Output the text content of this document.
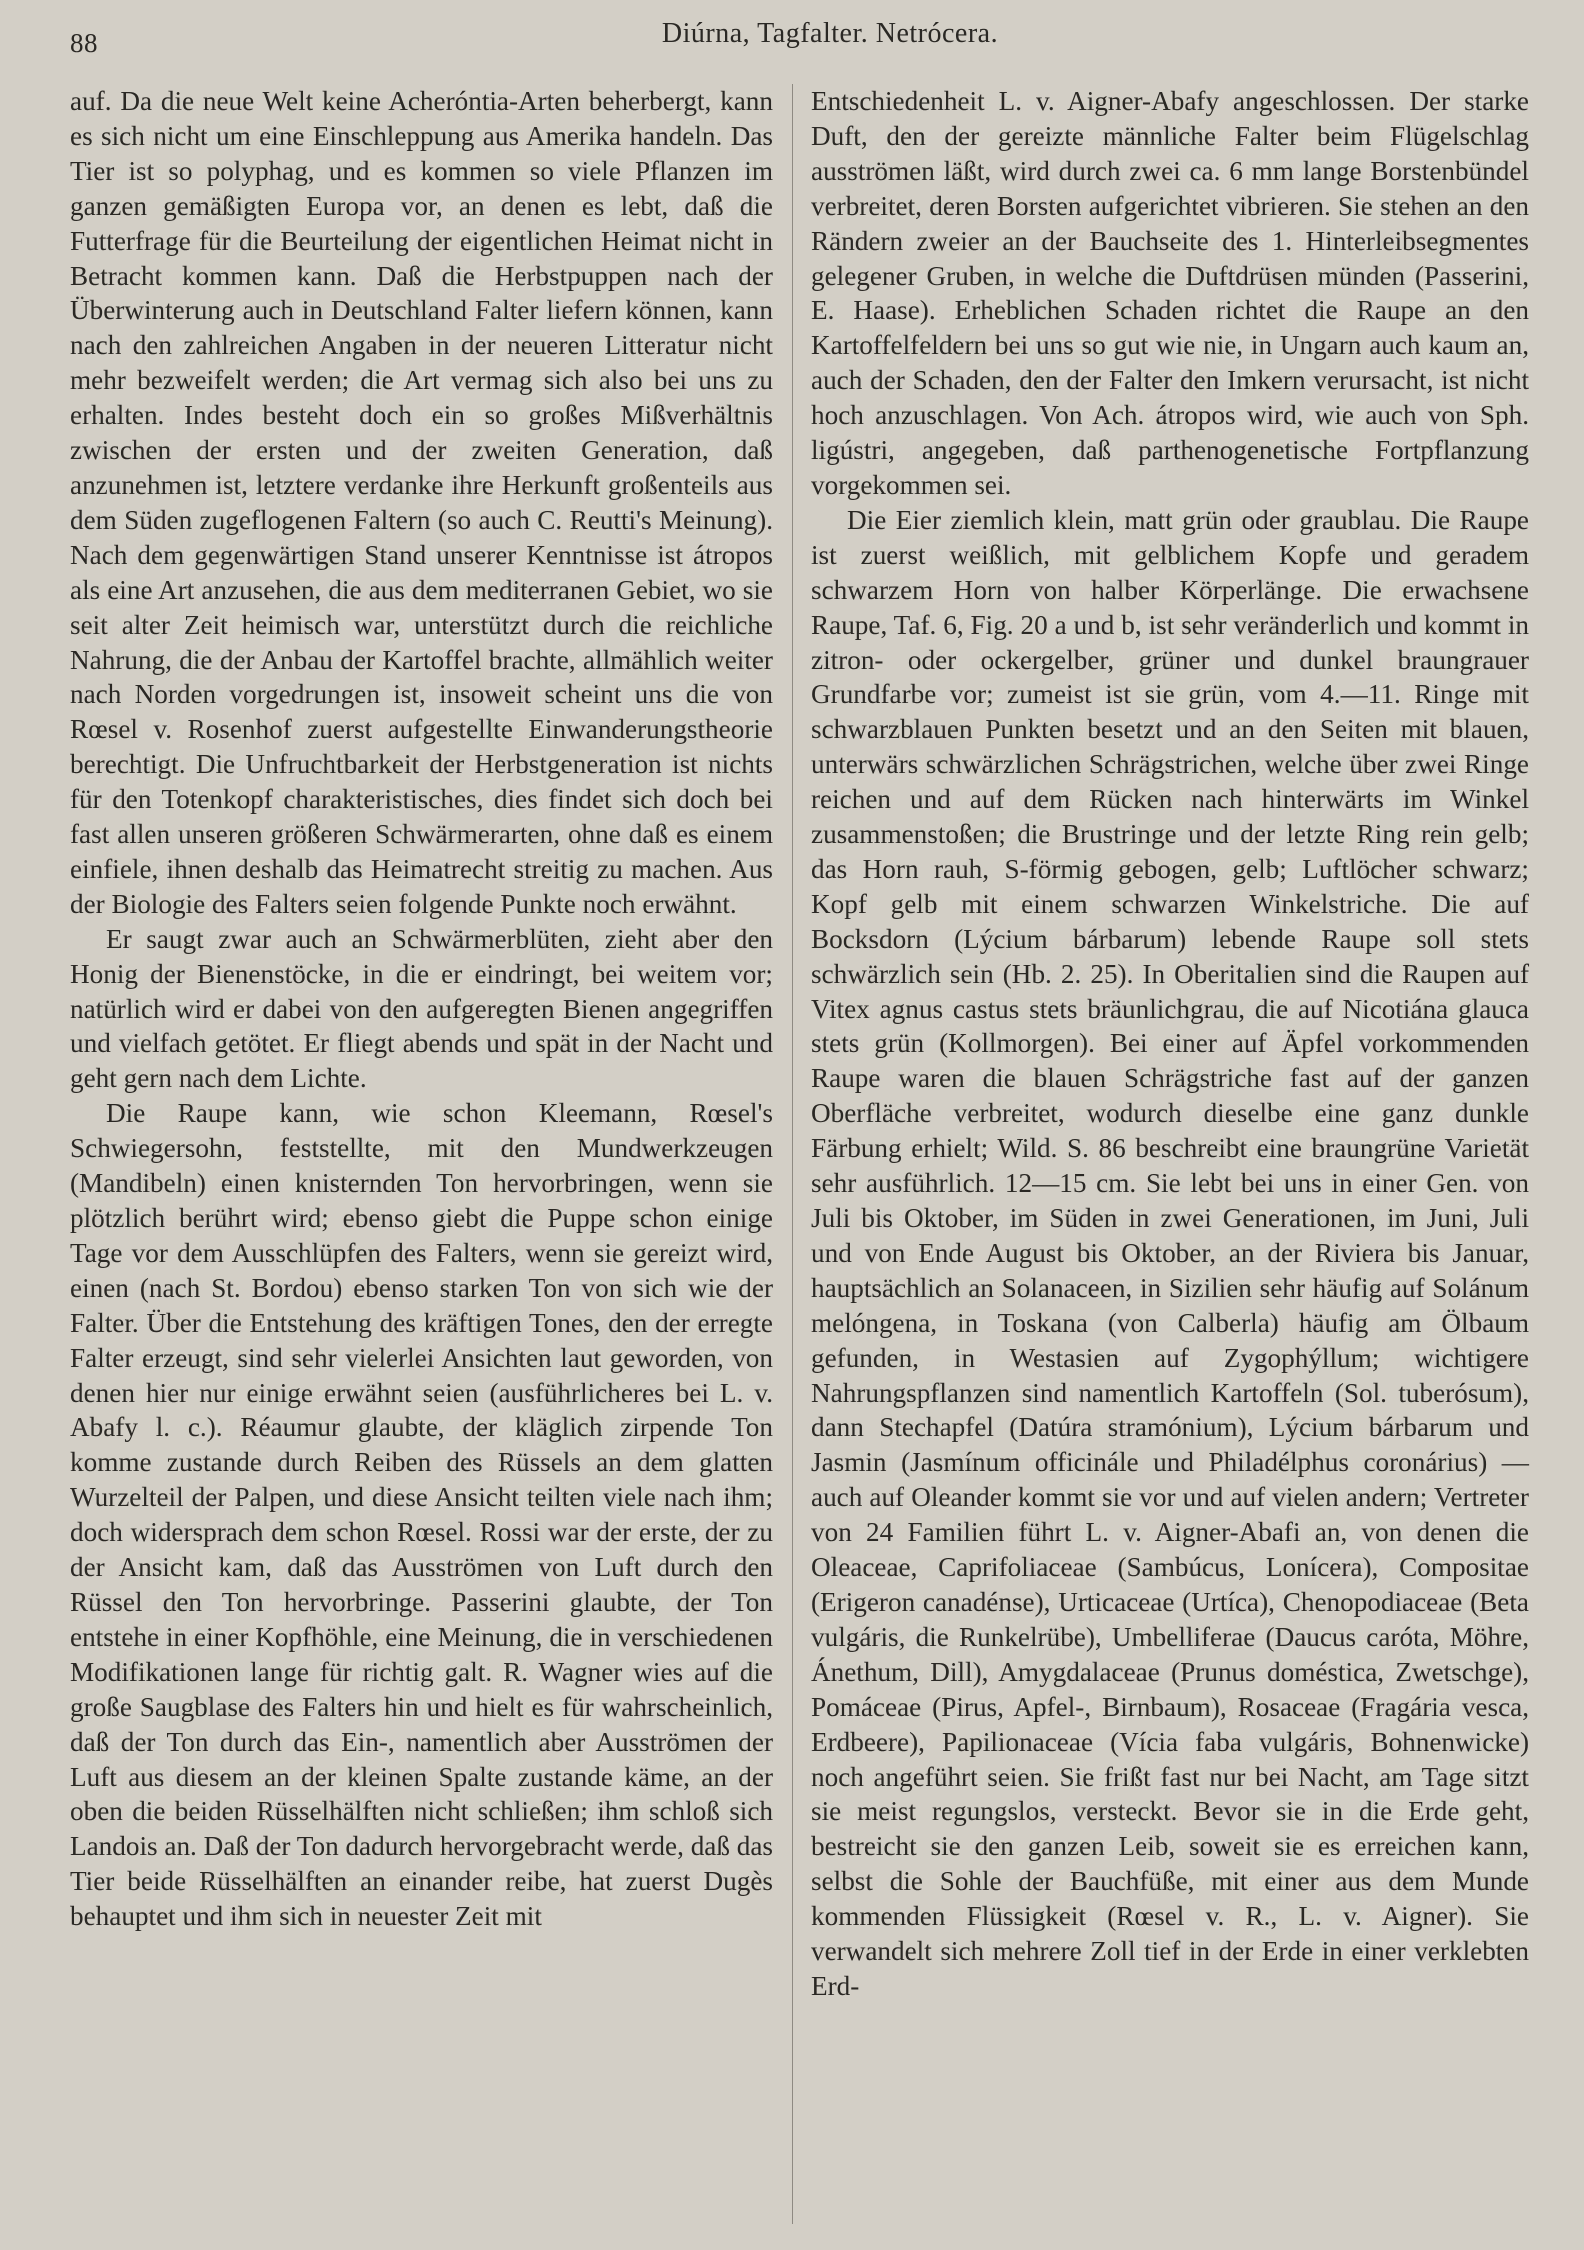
88	Diúrna, Tagfalter. Netrócera.

auf. Da die neue Welt keine Acheróntia-Arten beherbergt, kann es sich nicht um eine Einschleppung aus Amerika handeln. Das Tier ist so polyphag, und es kommen so viele Pflanzen im ganzen gemäßigten Europa vor, an denen es lebt, daß die Futterfrage für die Beurteilung der eigentlichen Heimat nicht in Betracht kommen kann. Daß die Herbstpuppen nach der Überwinterung auch in Deutschland Falter liefern können, kann nach den zahlreichen Angaben in der neueren Litteratur nicht mehr bezweifelt werden; die Art vermag sich also bei uns zu erhalten. Indes besteht doch ein so großes Mißverhältnis zwischen der ersten und der zweiten Generation, daß anzunehmen ist, letztere verdanke ihre Herkunft großenteils aus dem Süden zugeflogenen Faltern (so auch C. Reutti's Meinung). Nach dem gegenwärtigen Stand unserer Kenntnisse ist átropos als eine Art anzusehen, die aus dem mediterranen Gebiet, wo sie seit alter Zeit heimisch war, unterstützt durch die reichliche Nahrung, die der Anbau der Kartoffel brachte, allmählich weiter nach Norden vorgedrungen ist, insoweit scheint uns die von Rœsel v. Rosenhof zuerst aufgestellte Einwanderungstheorie berechtigt. Die Unfruchtbarkeit der Herbstgeneration ist nichts für den Totenkopf charakteristisches, dies findet sich doch bei fast allen unseren größeren Schwärmerarten, ohne daß es einem einfiele, ihnen deshalb das Heimatrecht streitig zu machen. Aus der Biologie des Falters seien folgende Punkte noch erwähnt.

Er saugt zwar auch an Schwärmerblüten, zieht aber den Honig der Bienenstöcke, in die er eindringt, bei weitem vor; natürlich wird er dabei von den aufgeregten Bienen angegriffen und vielfach getötet. Er fliegt abends und spät in der Nacht und geht gern nach dem Lichte.

Die Raupe kann, wie schon Kleemann, Rœsel's Schwiegersohn, feststellte, mit den Mundwerkzeugen (Mandibeln) einen knisternden Ton hervorbringen, wenn sie plötzlich berührt wird; ebenso giebt die Puppe schon einige Tage vor dem Ausschlüpfen des Falters, wenn sie gereizt wird, einen (nach St. Bordou) ebenso starken Ton von sich wie der Falter. Über die Entstehung des kräftigen Tones, den der erregte Falter erzeugt, sind sehr vielerlei Ansichten laut geworden, von denen hier nur einige erwähnt seien (ausführlicheres bei L. v. Abafy l. c.). Réaumur glaubte, der kläglich zirpende Ton komme zustande durch Reiben des Rüssels an dem glatten Wurzelteil der Palpen, und diese Ansicht teilten viele nach ihm; doch widersprach dem schon Rœsel. Rossi war der erste, der zu der Ansicht kam, daß das Ausströmen von Luft durch den Rüssel den Ton hervorbringe. Passerini glaubte, der Ton entstehe in einer Kopfhöhle, eine Meinung, die in verschiedenen Modifikationen lange für richtig galt. R. Wagner wies auf die große Saugblase des Falters hin und hielt es für wahrscheinlich, daß der Ton durch das Ein-, namentlich aber Ausströmen der Luft aus diesem an der kleinen Spalte zustande käme, an der oben die beiden Rüsselhälften nicht schließen; ihm schloß sich Landois an. Daß der Ton dadurch hervorgebracht werde, daß das Tier beide Rüsselhälften an einander reibe, hat zuerst Dugès behauptet und ihm sich in neuester Zeit mit

Entschiedenheit L. v. Aigner-Abafy angeschlossen. Der starke Duft, den der gereizte männliche Falter beim Flügelschlag ausströmen läßt, wird durch zwei ca. 6 mm lange Borstenbündel verbreitet, deren Borsten aufgerichtet vibrieren. Sie stehen an den Rändern zweier an der Bauchseite des 1. Hinterleibsegmentes gelegener Gruben, in welche die Duftdrüsen münden (Passerini, E. Haase). Erheblichen Schaden richtet die Raupe an den Kartoffelfeldern bei uns so gut wie nie, in Ungarn auch kaum an, auch der Schaden, den der Falter den Imkern verursacht, ist nicht hoch anzuschlagen. Von Ach. átropos wird, wie auch von Sph. ligústri, angegeben, daß parthenogenetische Fortpflanzung vorgekommen sei.

Die Eier ziemlich klein, matt grün oder graublau. Die Raupe ist zuerst weißlich, mit gelblichem Kopfe und geradem schwarzem Horn von halber Körperlänge. Die erwachsene Raupe, Taf. 6, Fig. 20 a und b, ist sehr veränderlich und kommt in zitron- oder ockergelber, grüner und dunkel braungrauer Grundfarbe vor; zumeist ist sie grün, vom 4.—11. Ringe mit schwarzblauen Punkten besetzt und an den Seiten mit blauen, unterwärs schwärzlichen Schrägstrichen, welche über zwei Ringe reichen und auf dem Rücken nach hinterwärts im Winkel zusammenstoßen; die Brustringe und der letzte Ring rein gelb; das Horn rauh, S-förmig gebogen, gelb; Luftlöcher schwarz; Kopf gelb mit einem schwarzen Winkelstriche. Die auf Bocksdorn (Lýcium bárbarum) lebende Raupe soll stets schwärzlich sein (Hb. 2. 25). In Oberitalien sind die Raupen auf Vitex agnus castus stets bräunlichgrau, die auf Nicotiána glauca stets grün (Kollmorgen). Bei einer auf Äpfel vorkommenden Raupe waren die blauen Schrägstriche fast auf der ganzen Oberfläche verbreitet, wodurch dieselbe eine ganz dunkle Färbung erhielt; Wild. S. 86 beschreibt eine braungrüne Varietät sehr ausführlich. 12—15 cm. Sie lebt bei uns in einer Gen. von Juli bis Oktober, im Süden in zwei Generationen, im Juni, Juli und von Ende August bis Oktober, an der Riviera bis Januar, hauptsächlich an Solanaceen, in Sizilien sehr häufig auf Solánum melóngena, in Toskana (von Calberla) häufig am Ölbaum gefunden, in Westasien auf Zygophýllum; wichtigere Nahrungspflanzen sind namentlich Kartoffeln (Sol. tuberósum), dann Stechapfel (Datúra stramónium), Lýcium bárbarum und Jasmin (Jasmínum officinále und Philadélphus coronárius) — auch auf Oleander kommt sie vor und auf vielen andern; Vertreter von 24 Familien führt L. v. Aigner-Abafi an, von denen die Oleaceae, Caprifoliaceae (Sambúcus, Lonícera), Compositae (Erigeron canadénse), Urticaceae (Urtíca), Chenopodiaceae (Beta vulgáris, die Runkelrübe), Umbelliferae (Daucus caróta, Möhre, Ánethum, Dill), Amygdalaceae (Prunus doméstica, Zwetschge), Pomáceae (Pirus, Apfel-, Birnbaum), Rosaceae (Fragária vesca, Erdbeere), Papilionaceae (Vícia faba vulgáris, Bohnenwicke) noch angeführt seien. Sie frißt fast nur bei Nacht, am Tage sitzt sie meist regungslos, versteckt. Bevor sie in die Erde geht, bestreicht sie den ganzen Leib, soweit sie es erreichen kann, selbst die Sohle der Bauchfüße, mit einer aus dem Munde kommenden Flüssigkeit (Rœsel v. R., L. v. Aigner). Sie verwandelt sich mehrere Zoll tief in der Erde in einer verklebten Erd-
